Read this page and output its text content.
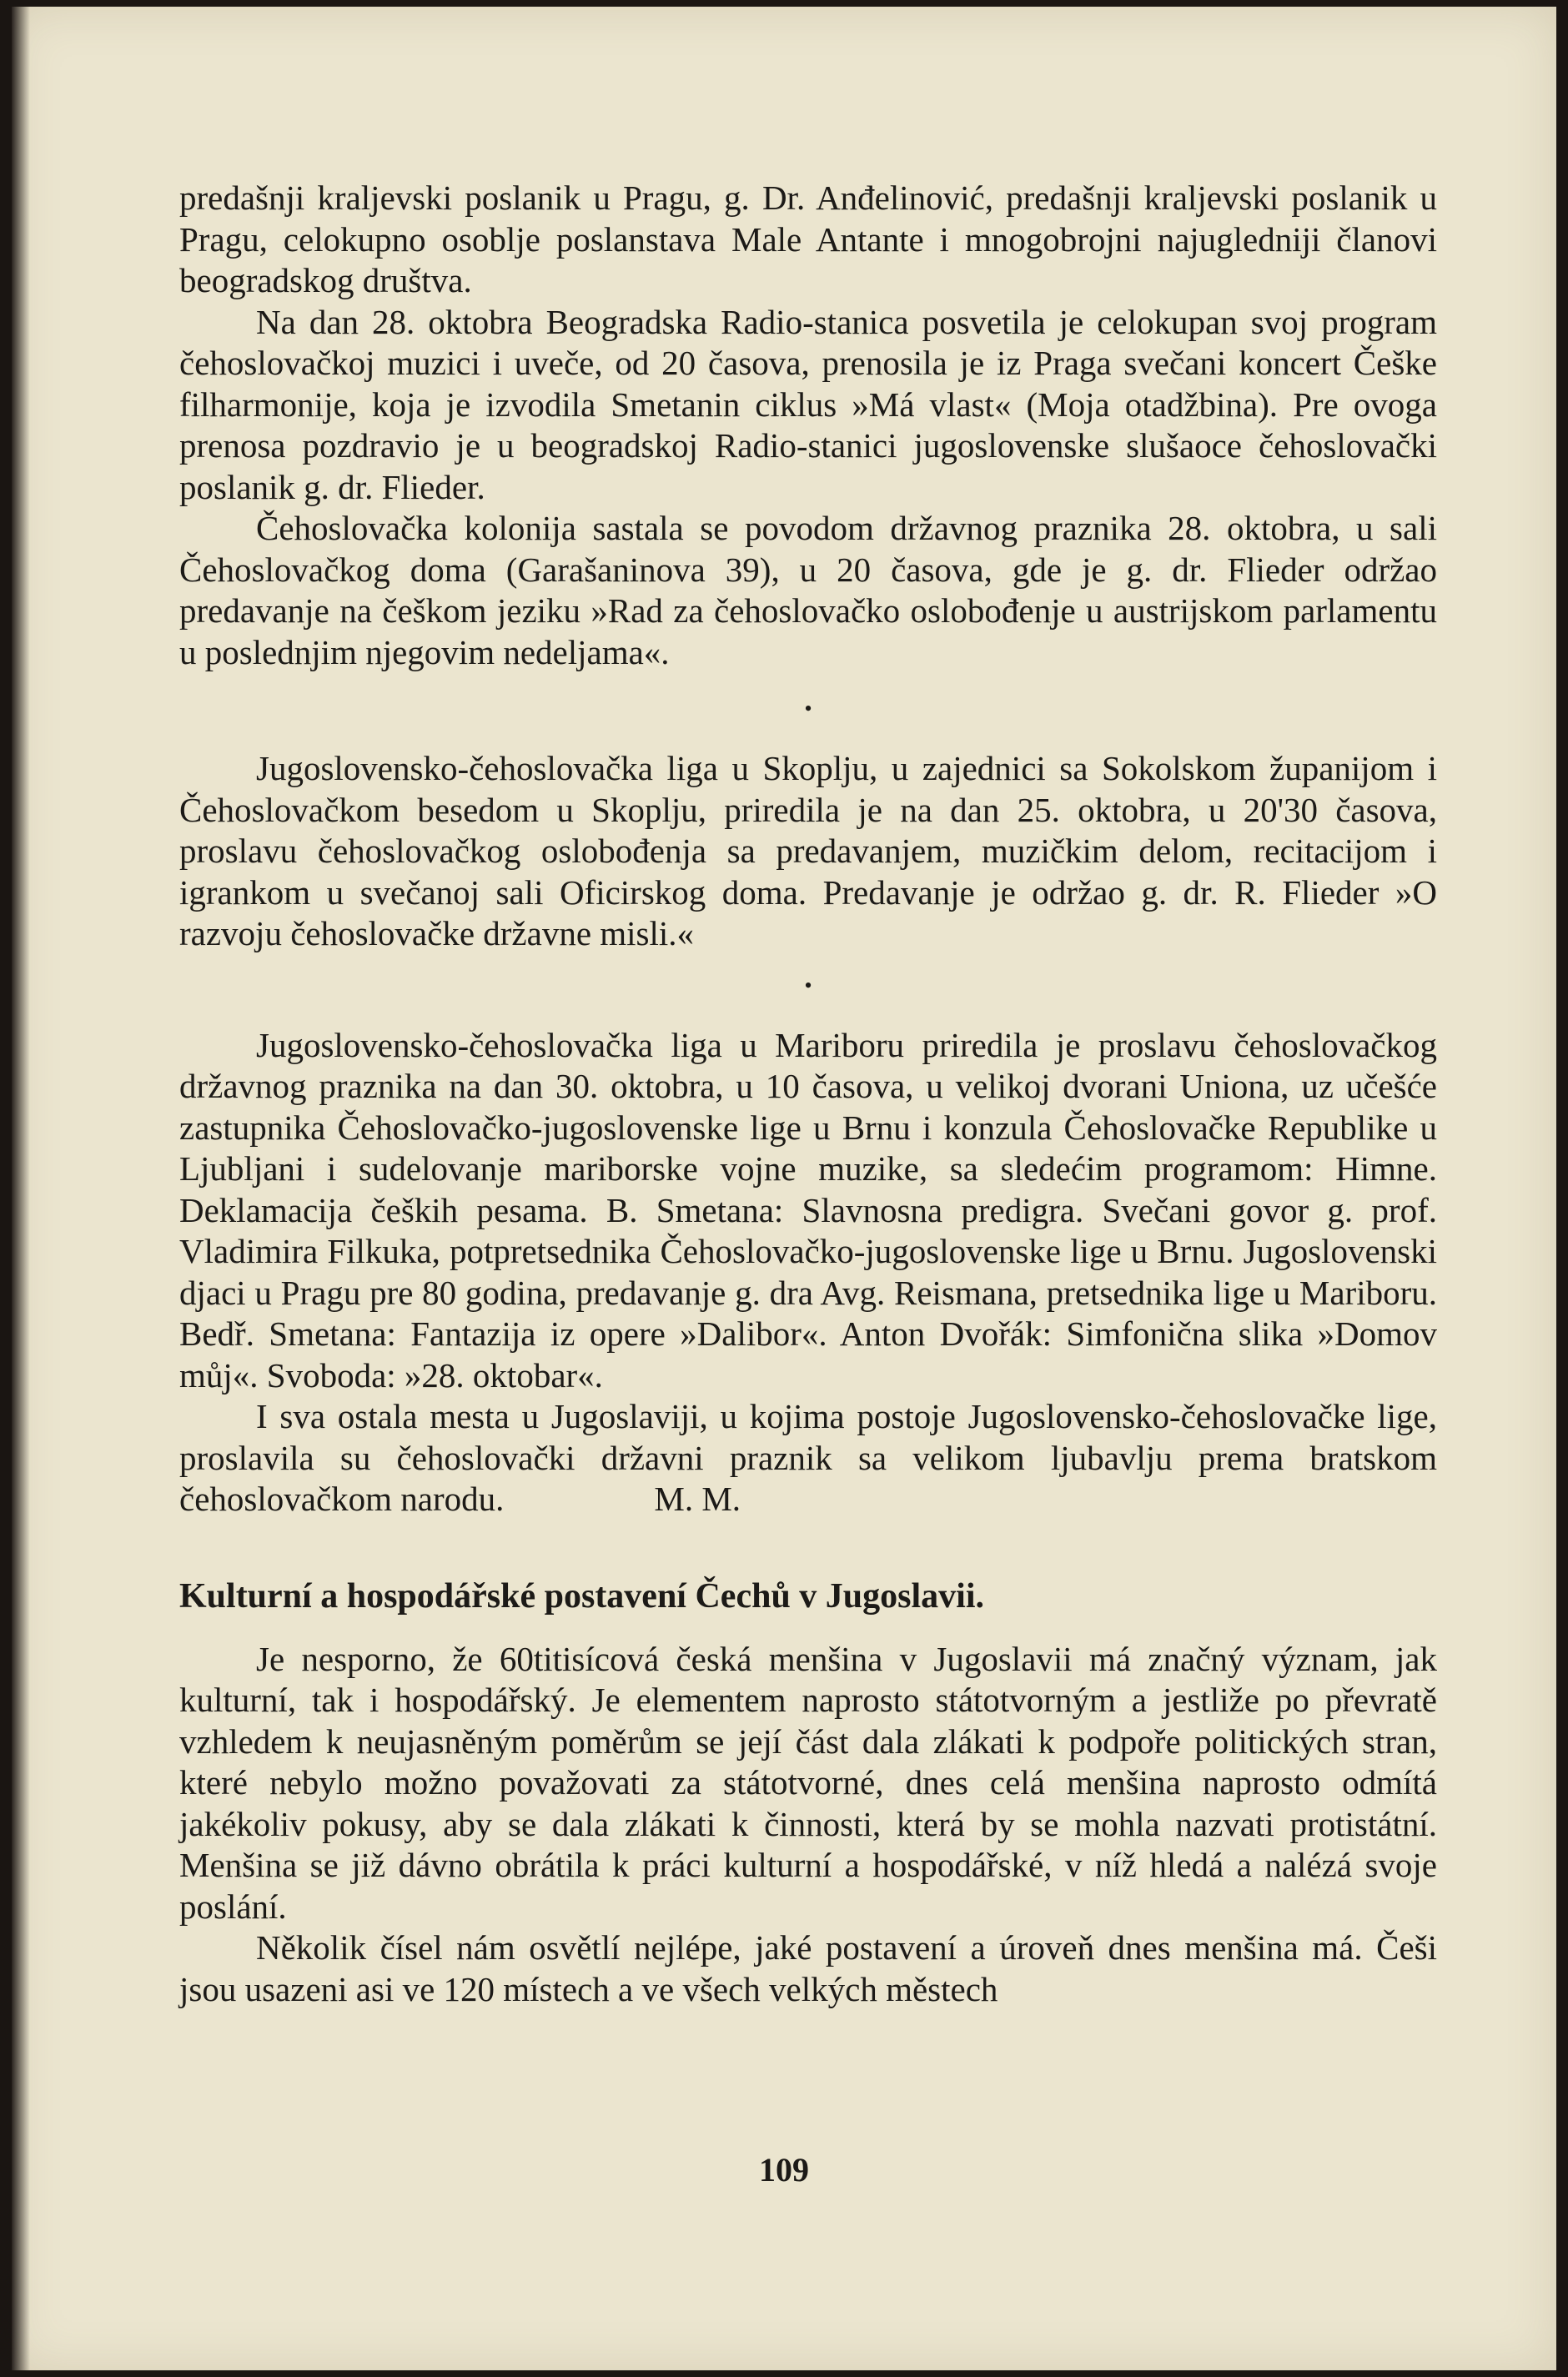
predašnji kraljevski poslanik u Pragu, g. Dr. Anđelinović, predašnji kraljevski poslanik u Pragu, celokupno osoblje poslanstava Male Antante i mnogobrojni najugledniji članovi beogradskog društva.

Na dan 28. oktobra Beogradska Radio-stanica posvetila je celokupan svoj program čehoslovačkoj muzici i uveče, od 20 časova, prenosila je iz Praga svečani koncert Češke filharmonije, koja je izvodila Smetanin ciklus »Má vlast« (Moja otadžbina). Pre ovoga prenosa pozdravio je u beogradskoj Radio-stanici jugoslovenske slušaoce čehoslovački poslanik g. dr. Flieder.

Čehoslovačka kolonija sastala se povodom državnog praznika 28. oktobra, u sali Čehoslovačkog doma (Garašaninova 39), u 20 časova, gde je g. dr. Flieder održao predavanje na češkom jeziku »Rad za čehoslovačko oslobođenje u austrijskom parlamentu u poslednjim njegovim nedeljama«.

•

Jugoslovensko-čehoslovačka liga u Skoplju, u zajednici sa Sokolskom županijom i Čehoslovačkom besedom u Skoplju, priredila je na dan 25. oktobra, u 20'30 časova, proslavu čehoslovačkog oslobođenja sa predavanjem, muzičkim delom, recitacijom i igrankom u svečanoj sali Oficirskog doma. Predavanje je održao g. dr. R. Flieder »O razvoju čehoslovačke državne misli.«

•

Jugoslovensko-čehoslovačka liga u Mariboru priredila je proslavu čehoslovačkog državnog praznika na dan 30. oktobra, u 10 časova, u velikoj dvorani Uniona, uz učešće zastupnika Čehoslovačko-jugoslovenske lige u Brnu i konzula Čehoslovačke Republike u Ljubljani i sudelovanje mariborske vojne muzike, sa sledećim programom: Himne. Deklamacija čeških pesama. B. Smetana: Slavnosna predigra. Svečani govor g. prof. Vladimira Filkuka, potpretsednika Čehoslovačko-jugoslovenske lige u Brnu. Jugoslovenski djaci u Pragu pre 80 godina, predavanje g. dra Avg. Reismana, pretsednika lige u Mariboru. Bedř. Smetana: Fantazija iz opere »Dalibor«. Anton Dvořák: Simfonična slika »Domov můj«. Svoboda: »28. oktobar«.

I sva ostala mesta u Jugoslaviji, u kojima postoje Jugoslovensko-čehoslovačke lige, proslavila su čehoslovački državni praznik sa velikom ljubavlju prema bratskom čehoslovačkom narodu.	M. M.

Kulturní a hospodářské postavení Čechů v Jugoslavii.

Je nesporno, že 60titisícová česká menšina v Jugoslavii má značný význam, jak kulturní, tak i hospodářský. Je elementem naprosto státotvorným a jestliže po převratě vzhledem k neujasněným poměrům se její část dala zlákati k podpoře politických stran, které nebylo možno považovati za státotvorné, dnes celá menšina naprosto odmítá jakékoliv pokusy, aby se dala zlákati k činnosti, která by se mohla nazvati protistátní. Menšina se již dávno obrátila k práci kulturní a hospodářské, v níž hledá a nalézá svoje poslání.

Několik čísel nám osvětlí nejlépe, jaké postavení a úroveň dnes menšina má. Češi jsou usazeni asi ve 120 místech a ve všech velkých městech

109
